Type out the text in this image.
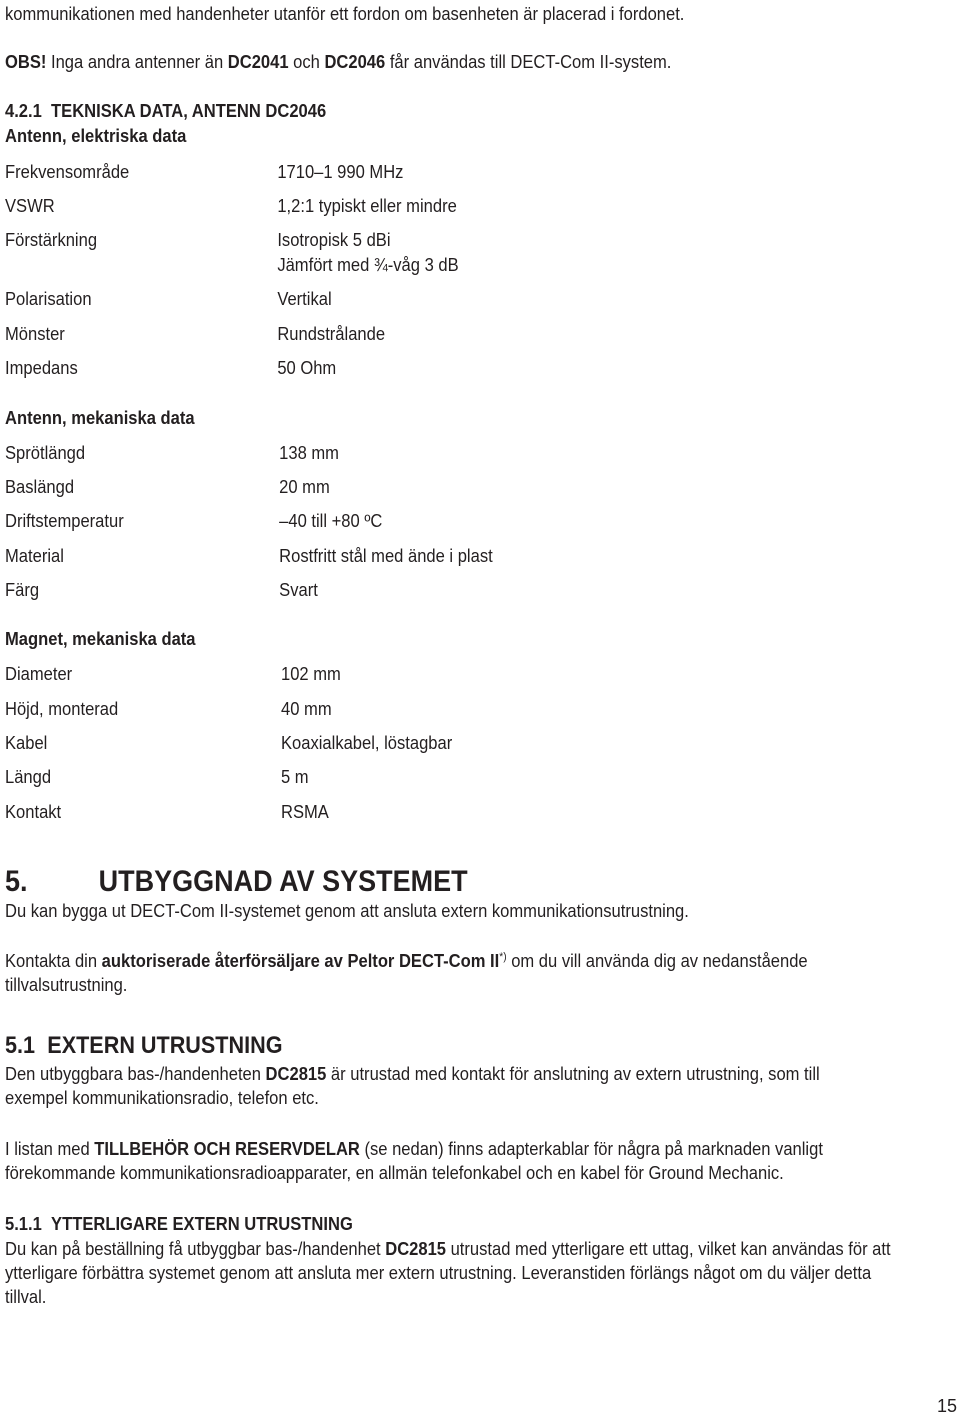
kommunikationen med handenheter utanför ett fordon om basenheten är placerad i fordonet.
OBS! Inga andra antenner än DC2041 och DC2046 får användas till DECT-Com II-system.
4.2.1 TEKNISKA DATA, ANTENN DC2046
Antenn, elektriska data
Frekvensområde	1710–1 990 MHz
VSWR	1,2:1 typiskt eller mindre
Förstärkning	Isotropisk 5 dBi
Jämfört med ¾-våg 3 dB
Polarisation	Vertikal
Mönster	Rundstrålande
Impedans	50 Ohm
Antenn, mekaniska data
Sprötlängd	138 mm
Baslängd	20 mm
Driftstemperatur	–40 till +80 ºC
Material	Rostfritt stål med ände i plast
Färg	Svart
Magnet, mekaniska data
Diameter	102 mm
Höjd, monterad	40 mm
Kabel	Koaxialkabel, löstagbar
Längd	5 m
Kontakt	RSMA
5. UTBYGGNAD AV SYSTEMET
Du kan bygga ut DECT-Com II-systemet genom att ansluta extern kommunikationsutrustning.
Kontakta din auktoriserade återförsäljare av Peltor DECT-Com II*) om du vill använda dig av nedanstående tillvalsutrustning.
5.1 EXTERN UTRUSTNING
Den utbyggbara bas-/handenheten DC2815 är utrustad med kontakt för anslutning av extern utrustning, som till exempel kommunikationsradio, telefon etc.
I listan med TILLBEHÖR OCH RESERVDELAR (se nedan) finns adapterkablar för några på marknaden vanligt förekommande kommunikationsradioapparater, en allmän telefonkabel och en kabel för Ground Mechanic.
5.1.1 YTTERLIGARE EXTERN UTRUSTNING
Du kan på beställning få utbyggbar bas-/handenhet DC2815 utrustad med ytterligare ett uttag, vilket kan användas för att ytterligare förbättra systemet genom att ansluta mer extern utrustning. Leveranstiden förlängs något om du väljer detta tillval.
15
